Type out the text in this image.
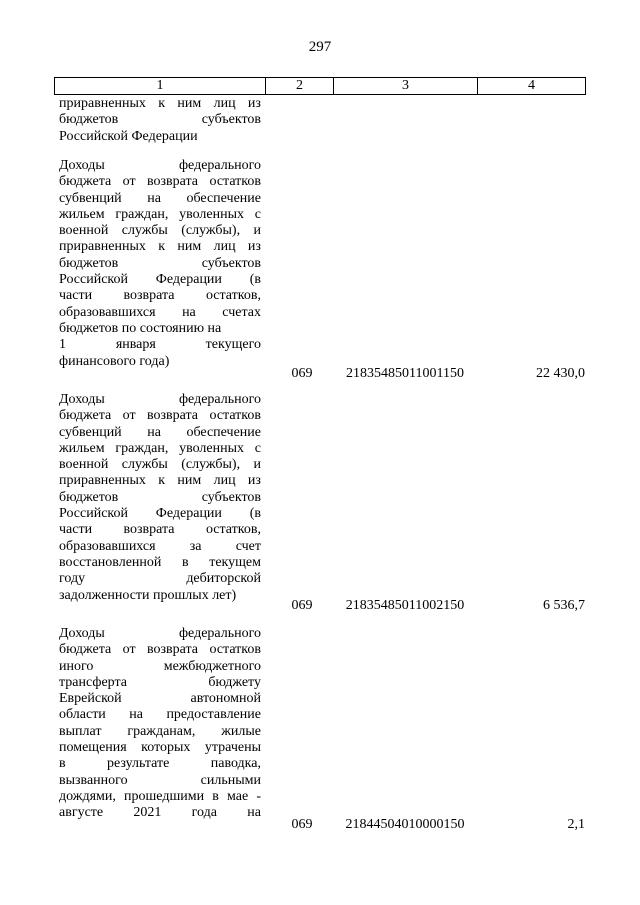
297
1	2	3	4
приравненных к ним лиц из
бюджетов	субъектов
Российской Федерации
Доходы	федерального
бюджета от возврата остатков
субвенций на обеспечение
жильем граждан, уволенных с
военной службы (службы), и
приравненных к ним лиц из
бюджетов	субъектов
Российской Федерации (в
части возврата остатков,
образовавшихся на счетах
бюджетов по состоянию на
1	января	текущего
финансового года)
069	21835485011001150	22 430,0
Доходы	федерального
бюджета от возврата остатков
субвенций на обеспечение
жильем граждан, уволенных с
военной службы (службы), и
приравненных к ним лиц из
бюджетов	субъектов
Российской Федерации (в
части возврата остатков,
образовавшихся за счет
восстановленной в текущем
году	дебиторской
задолженности прошлых лет)
069	21835485011002150	6 536,7
Доходы	федерального
бюджета от возврата остатков
иного	межбюджетного
трансферта	бюджету
Еврейской	автономной
области на предоставление
выплат гражданам, жилые
помещения которых утрачены
в	результате	паводка,
вызванного	сильными
дождями, прошедшими в мае -
августе 2021 года на
069	21844504010000150	2,1
